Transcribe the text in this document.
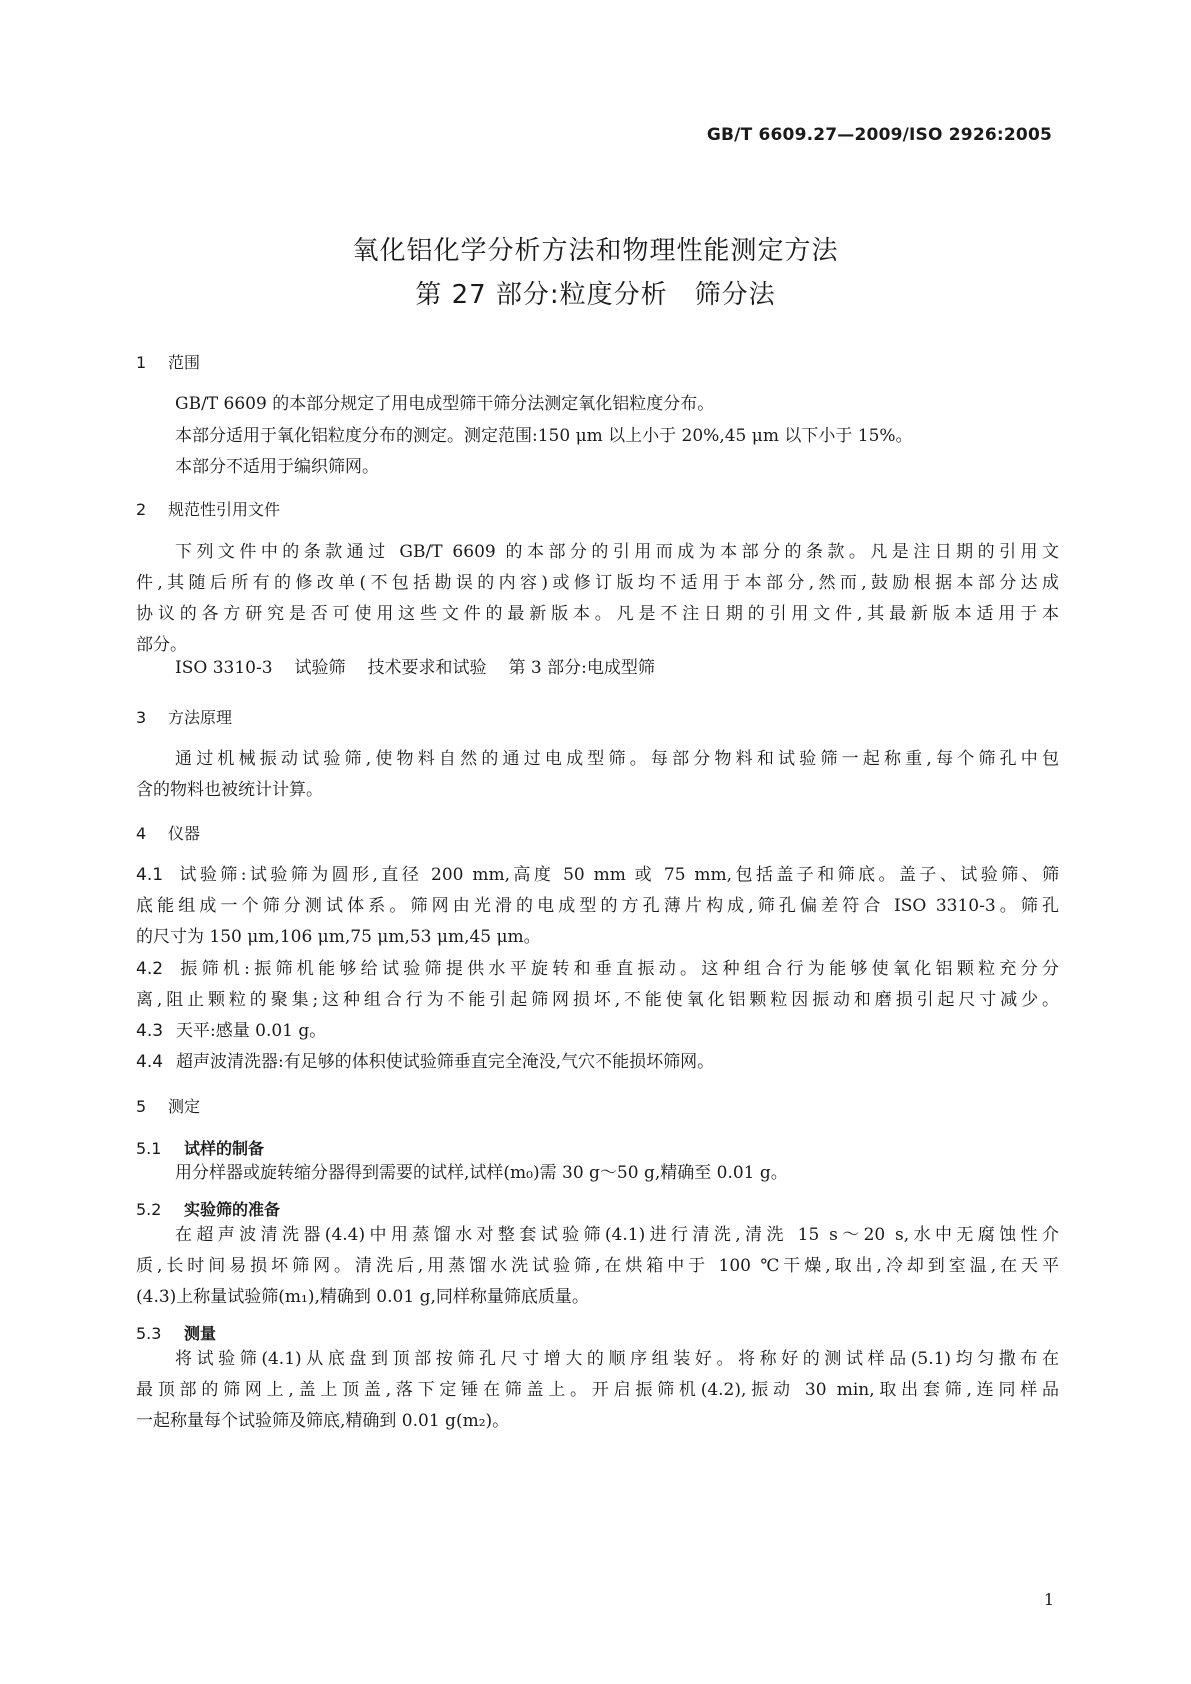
GB/T 6609.27—2009/ISO 2926:2005
氧化铝化学分析方法和物理性能测定方法
第 27 部分:粒度分析　筛分法
1 范围
GB/T 6609 的本部分规定了用电成型筛干筛分法测定氧化铝粒度分布。
本部分适用于氧化铝粒度分布的测定。测定范围:150 μm 以上小于 20%,45 μm 以下小于 15%。
本部分不适用于编织筛网。
2 规范性引用文件
下列文件中的条款通过 GB/T 6609 的本部分的引用而成为本部分的条款。凡是注日期的引用文
件,其随后所有的修改单(不包括勘误的内容)或修订版均不适用于本部分,然而,鼓励根据本部分达成
协议的各方研究是否可使用这些文件的最新版本。凡是不注日期的引用文件,其最新版本适用于本
部分。
ISO 3310-3 试验筛 技术要求和试验 第 3 部分:电成型筛
3 方法原理
通过机械振动试验筛,使物料自然的通过电成型筛。每部分物料和试验筛一起称重,每个筛孔中包
含的物料也被统计计算。
4 仪器
4.1 试验筛:试验筛为圆形,直径 200 mm,高度 50 mm 或 75 mm,包括盖子和筛底。盖子、试验筛、筛
底能组成一个筛分测试体系。筛网由光滑的电成型的方孔薄片构成,筛孔偏差符合 ISO 3310-3。筛孔
的尺寸为 150 μm,106 μm,75 μm,53 μm,45 μm。
4.2 振筛机:振筛机能够给试验筛提供水平旋转和垂直振动。这种组合行为能够使氧化铝颗粒充分分
离,阻止颗粒的聚集;这种组合行为不能引起筛网损坏,不能使氧化铝颗粒因振动和磨损引起尺寸减少。
4.3 天平:感量 0.01 g。
4.4 超声波清洗器:有足够的体积使试验筛垂直完全淹没,气穴不能损坏筛网。
5 测定
5.1 试样的制备
用分样器或旋转缩分器得到需要的试样,试样(m₀)需 30 g～50 g,精确至 0.01 g。
5.2 实验筛的准备
在超声波清洗器(4.4)中用蒸馏水对整套试验筛(4.1)进行清洗,清洗 15 s～20 s,水中无腐蚀性介
质,长时间易损坏筛网。清洗后,用蒸馏水洗试验筛,在烘箱中于 100 ℃干燥,取出,冷却到室温,在天平
(4.3)上称量试验筛(m₁),精确到 0.01 g,同样称量筛底质量。
5.3 测量
将试验筛(4.1)从底盘到顶部按筛孔尺寸增大的顺序组装好。将称好的测试样品(5.1)均匀撒布在
最顶部的筛网上,盖上顶盖,落下定锤在筛盖上。开启振筛机(4.2),振动 30 min,取出套筛,连同样品
一起称量每个试验筛及筛底,精确到 0.01 g(m₂)。
1
